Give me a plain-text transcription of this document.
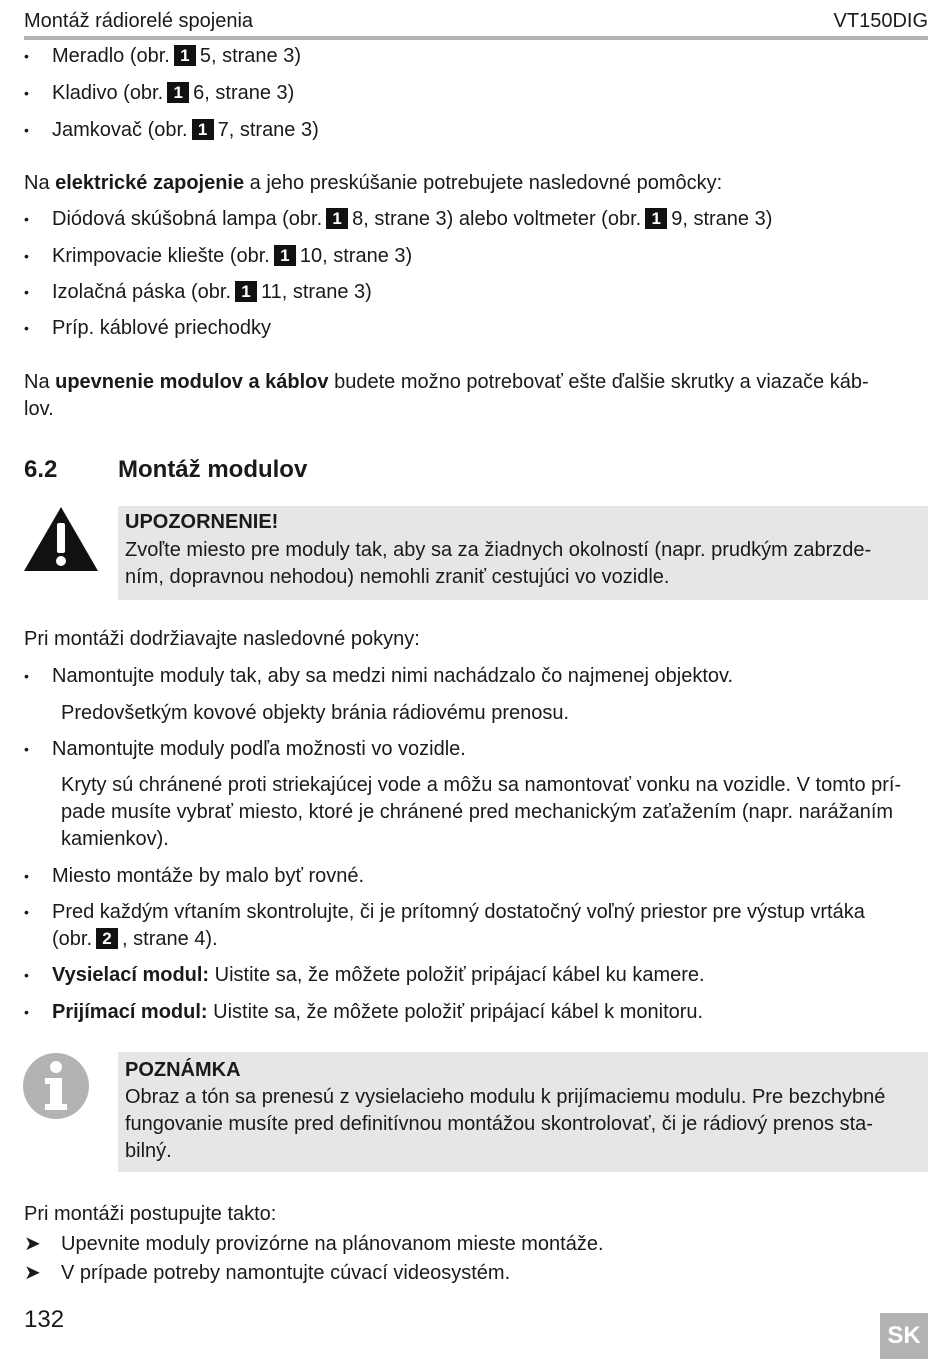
Montáž rádiorelé spojenia	VT150DIG
• Meradlo (obr. 1 5, strane 3)
• Kladivo (obr. 1 6, strane 3)
• Jamkovač (obr. 1 7, strane 3)
Na elektrické zapojenie a jeho preskúšanie potrebujete nasledovné pomôcky:
• Diódová skúšobná lampa (obr. 1 8, strane 3) alebo voltmeter (obr. 1 9, strane 3)
• Krimpovacie kliešte (obr. 1 10, strane 3)
• Izolačná páska (obr. 1 11, strane 3)
• Príp. káblové priechodky
Na upevnenie modulov a káblov budete možno potrebovať ešte ďalšie skrutky a viazače káb-
lov.
6.2	Montáž modulov
UPOZORNENIE!
Zvoľte miesto pre moduly tak, aby sa za žiadnych okolností (napr. prudkým zabrzde-
ním, dopravnou nehodou) nemohli zraniť cestujúci vo vozidle.
Pri montáži dodržiavajte nasledovné pokyny:
• Namontujte moduly tak, aby sa medzi nimi nachádzalo čo najmenej objektov.
Predovšetkým kovové objekty bránia rádiovému prenosu.
• Namontujte moduly podľa možnosti vo vozidle.
Kryty sú chránené proti striekajúcej vode a môžu sa namontovať vonku na vozidle. V tomto prí-
pade musíte vybrať miesto, ktoré je chránené pred mechanickým zaťažením (napr. narážaním
kamienkov).
• Miesto montáže by malo byť rovné.
• Pred každým vŕtaním skontrolujte, či je prítomný dostatočný voľný priestor pre výstup vrtáka
(obr. 2 , strane 4).
• Vysielací modul: Uistite sa, že môžete položiť pripájací kábel ku kamere.
• Prijímací modul: Uistite sa, že môžete položiť pripájací kábel k monitoru.
POZNÁMKA
Obraz a tón sa prenesú z vysielacieho modulu k prijímaciemu modulu. Pre bezchybné
fungovanie musíte pred definitívnou montážou skontrolovať, či je rádiový prenos sta-
bilný.
Pri montáži postupujte takto:
➤ Upevnite moduly provizórne na plánovanom mieste montáže.
➤ V prípade potreby namontujte cúvací videosystém.
132
SK
